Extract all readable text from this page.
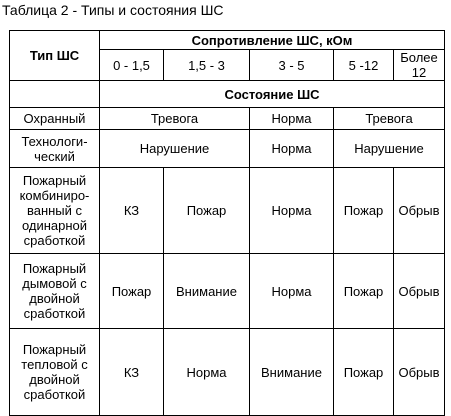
Таблица 2 - Типы и состояния ШС
Тип ШС	Сопротивление ШС, кОм				
	0 - 1,5	1,5 - 3	3 - 5	5 -12	Более 12
	Состояние ШС				
Охранный	Тревога		Норма	Тревога	
Технологи-
ческий	Нарушение		Норма	Нарушение	
Пожарный
комбиниро-
ванный с
одинарной
сработкой	КЗ	Пожар	Норма	Пожар	Обрыв
Пожарный
дымовой с
двойной
сработкой	Пожар	Внимание	Норма	Пожар	Обрыв
Пожарный
тепловой с
двойной
сработкой	КЗ	Норма	Внимание	Пожар	Обрыв
